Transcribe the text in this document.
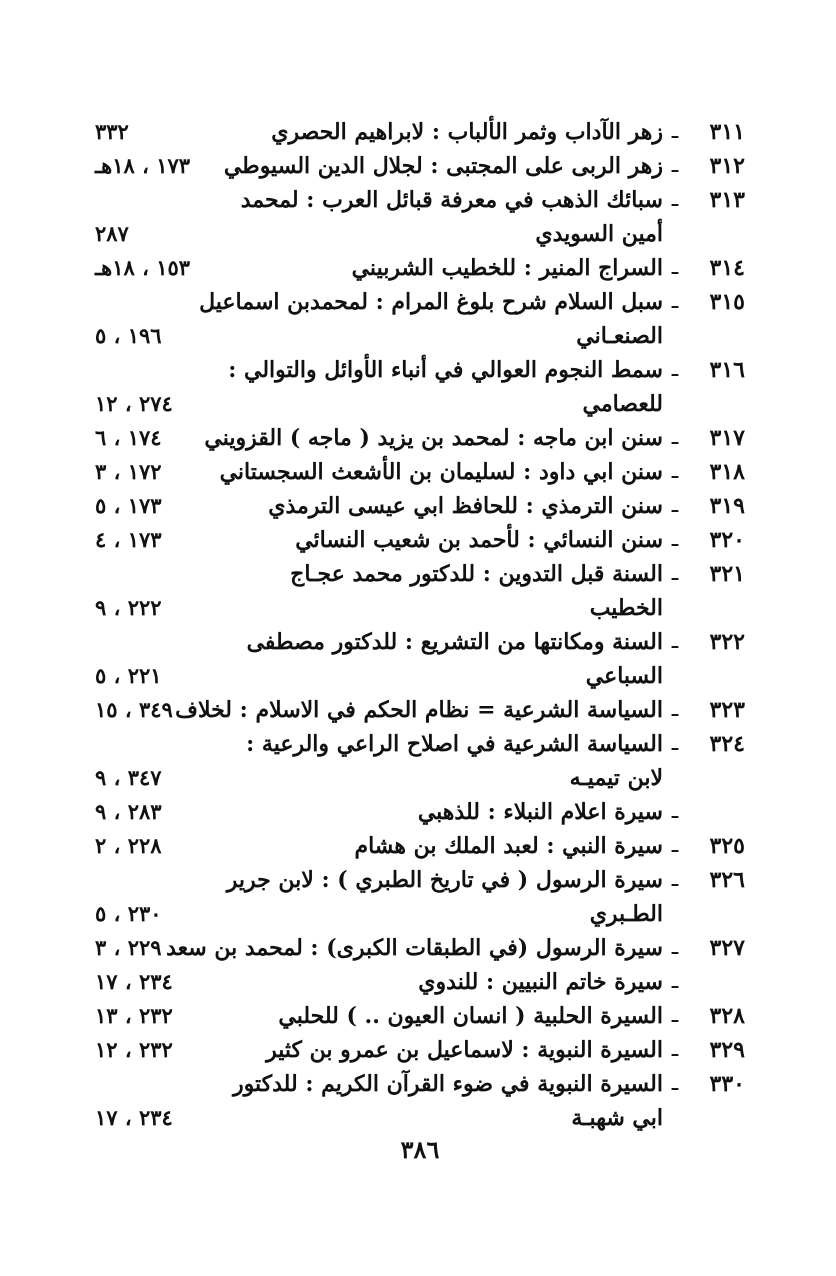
٣١١
ـ
زهر الآداب وثمر الألباب : لابراهيم الحصري
٣٣٢
٣١٢
ـ
زهر الربى على المجتبى : لجلال الدين السيوطي
١٧٣ ، ١٨هـ
٣١٣
ـ
سبائك الذهب في معرفة قبائل العرب : لمحمد
أمين السويدي
٢٨٧
٣١٤
ـ
السراج المنير : للخطيب الشربيني
١٥٣ ، ١٨هـ
٣١٥
ـ
سبل السلام شرح بلوغ المرام : لمحمدبن اسماعيل
الصنعـاني
١٩٦ ، ٥
٣١٦
ـ
سمط النجوم العوالي في أنباء الأوائل والتوالي :
للعصامي
٢٧٤ ، ١٢
٣١٧
ـ
سنن ابن ماجه : لمحمد بن يزيد ( ماجه ) القزويني
١٧٤ ، ٦
٣١٨
ـ
سنن ابي داود : لسليمان بن الأشعث السجستاني
١٧٢ ، ٣
٣١٩
ـ
سنن الترمذي : للحافظ ابي عيسى الترمذي
١٧٣ ، ٥
٣٢٠
ـ
سنن النسائي : لأحمد بن شعيب النسائي
١٧٣ ، ٤
٣٢١
ـ
السنة قبل التدوين : للدكتور محمد عجـاج
الخطيب
٢٢٢ ، ٩
٣٢٢
ـ
السنة ومكانتها من التشريع : للدكتور مصطفى
السباعي
٢٢١ ، ٥
٣٢٣
ـ
السياسة الشرعية = نظام الحكم في الاسلام : لخلاف
٣٤٩ ، ١٥
٣٢٤
ـ
السياسة الشرعية في اصلاح الراعي والرعية :
لابن تيميـه
٣٤٧ ، ٩
ـ
سيرة اعلام النبلاء : للذهبي
٢٨٣ ، ٩
٣٢٥
ـ
سيرة النبي : لعبد الملك بن هشام
٢٢٨ ، ٢
٣٢٦
ـ
سيرة الرسول ( في تاريخ الطبري ) : لابن جرير
الطـبري
٢٣٠ ، ٥
٣٢٧
ـ
سيرة الرسول (في الطبقات الكبرى) : لمحمد بن سعد
٢٢٩ ، ٣
ـ
سيرة خاتم النبيين : للندوي
٢٣٤ ، ١٧
٣٢٨
ـ
السيرة الحلبية ( انسان العيون .. ) للحلبي
٢٣٢ ، ١٣
٣٢٩
ـ
السيرة النبوية : لاسماعيل بن عمرو بن كثير
٢٣٢ ، ١٢
٣٣٠
ـ
السيرة النبوية في ضوء القرآن الكريم : للدكتور
ابي شهبـة
٢٣٤ ، ١٧
٣٨٦
